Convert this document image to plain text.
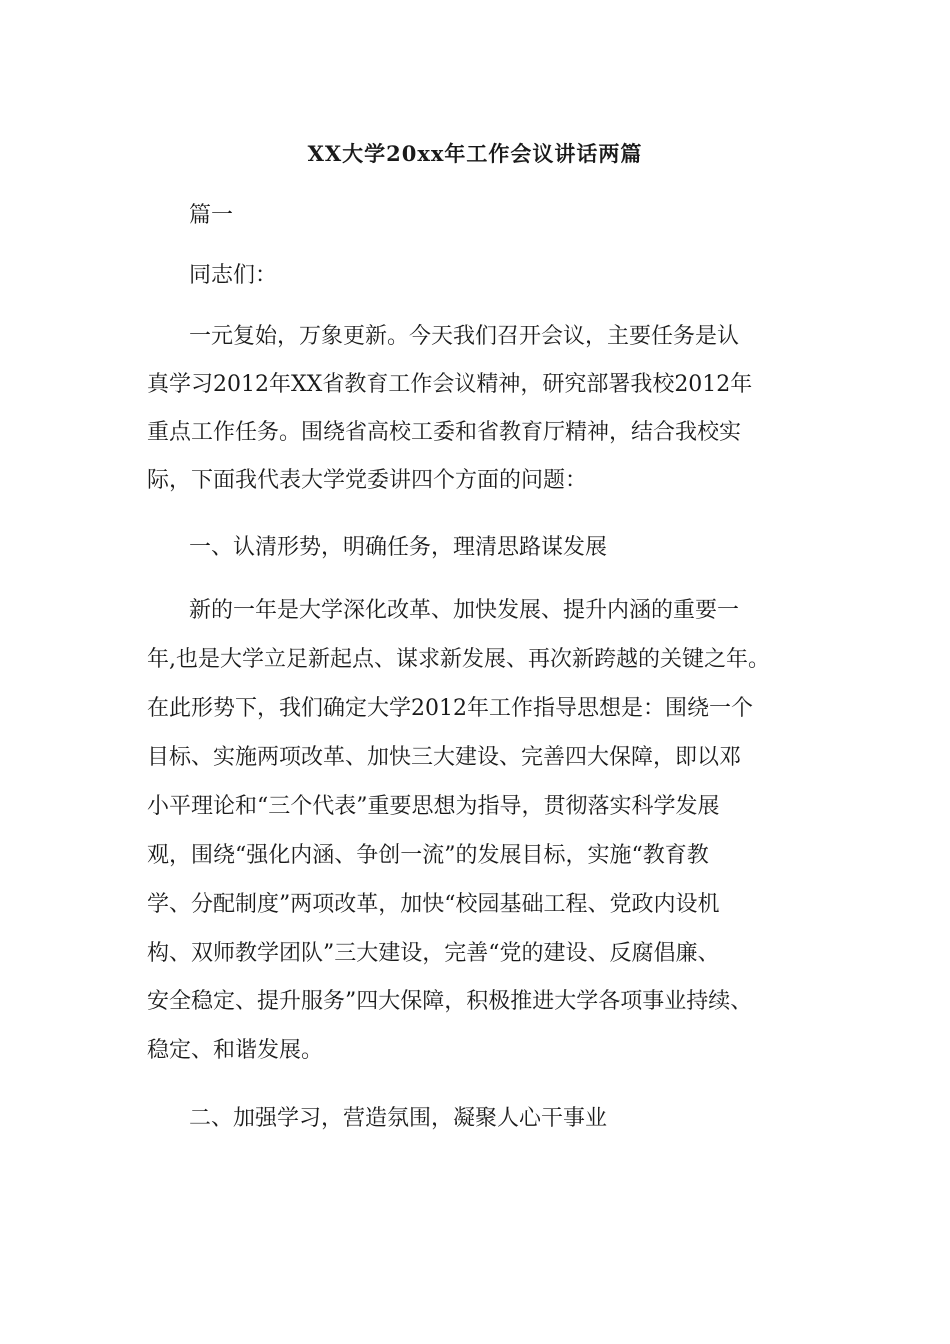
XX大学20xx年工作会议讲话两篇
篇一
同志们：
一元复始，万象更新。今天我们召开会议，主要任务是认
真学习2012年XX省教育工作会议精神，研究部署我校2012年
重点工作任务。围绕省高校工委和省教育厅精神，结合我校实
际，下面我代表大学党委讲四个方面的问题：
一、认清形势，明确任务，理清思路谋发展
新的一年是大学深化改革、加快发展、提升内涵的重要一
年,也是大学立足新起点、谋求新发展、再次新跨越的关键之年。
在此形势下，我们确定大学2012年工作指导思想是：围绕一个
目标、实施两项改革、加快三大建设、完善四大保障，即以邓
小平理论和“三个代表”重要思想为指导，贯彻落实科学发展
观，围绕“强化内涵、争创一流”的发展目标，实施“教育教
学、分配制度”两项改革，加快“校园基础工程、党政内设机
构、双师教学团队”三大建设，完善“党的建设、反腐倡廉、
安全稳定、提升服务”四大保障，积极推进大学各项事业持续、
稳定、和谐发展。
二、加强学习，营造氛围，凝聚人心干事业
